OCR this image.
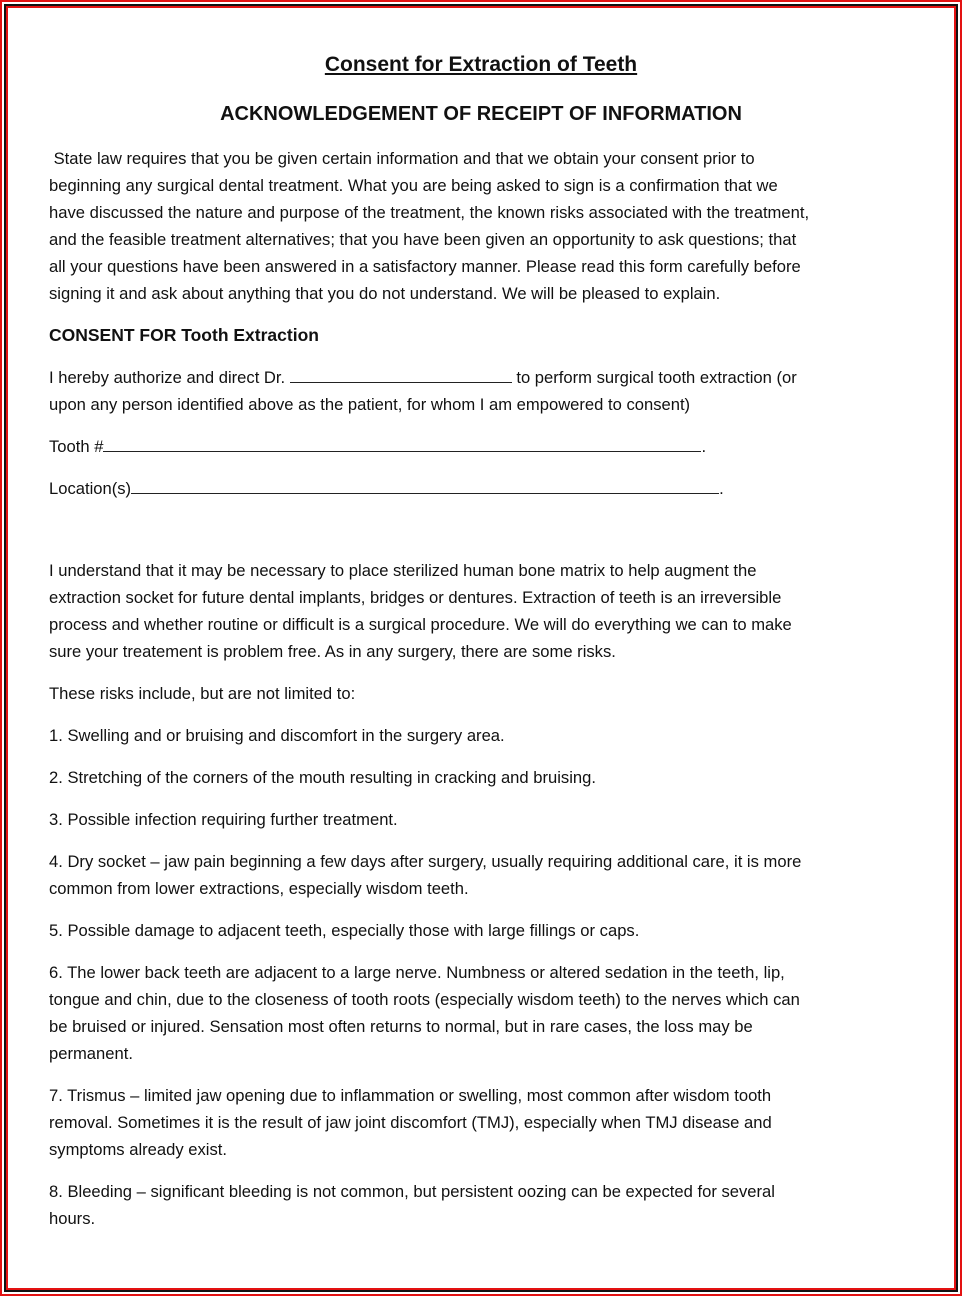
Consent for Extraction of Teeth
ACKNOWLEDGEMENT OF RECEIPT OF INFORMATION
State law requires that you be given certain information and that we obtain your consent prior to
beginning any surgical dental treatment. What you are being asked to sign is a confirmation that we
have discussed the nature and purpose of the treatment, the known risks associated with the treatment,
and the feasible treatment alternatives; that you have been given an opportunity to ask questions; that
all your questions have been answered in a satisfactory manner. Please read this form carefully before
signing it and ask about anything that you do not understand. We will be pleased to explain.
CONSENT FOR Tooth Extraction
I hereby authorize and direct Dr.	to perform surgical tooth extraction (or
upon any person identified above as the patient, for whom I am empowered to consent)
Tooth #	.
Location(s)	.
I understand that it may be necessary to place sterilized human bone matrix to help augment the
extraction socket for future dental implants, bridges or dentures. Extraction of teeth is an irreversible
process and whether routine or difficult is a surgical procedure. We will do everything we can to make
sure your treatement is problem free. As in any surgery, there are some risks.
These risks include, but are not limited to:
1. Swelling and or bruising and discomfort in the surgery area.
2. Stretching of the corners of the mouth resulting in cracking and bruising.
3. Possible infection requiring further treatment.
4. Dry socket – jaw pain beginning a few days after surgery, usually requiring additional care, it is more
common from lower extractions, especially wisdom teeth.
5. Possible damage to adjacent teeth, especially those with large fillings or caps.
6. The lower back teeth are adjacent to a large nerve. Numbness or altered sedation in the teeth, lip,
tongue and chin, due to the closeness of tooth roots (especially wisdom teeth) to the nerves which can
be bruised or injured. Sensation most often returns to normal, but in rare cases, the loss may be
permanent.
7. Trismus – limited jaw opening due to inflammation or swelling, most common after wisdom tooth
removal. Sometimes it is the result of jaw joint discomfort (TMJ), especially when TMJ disease and
symptoms already exist.
8. Bleeding – significant bleeding is not common, but persistent oozing can be expected for several
hours.
